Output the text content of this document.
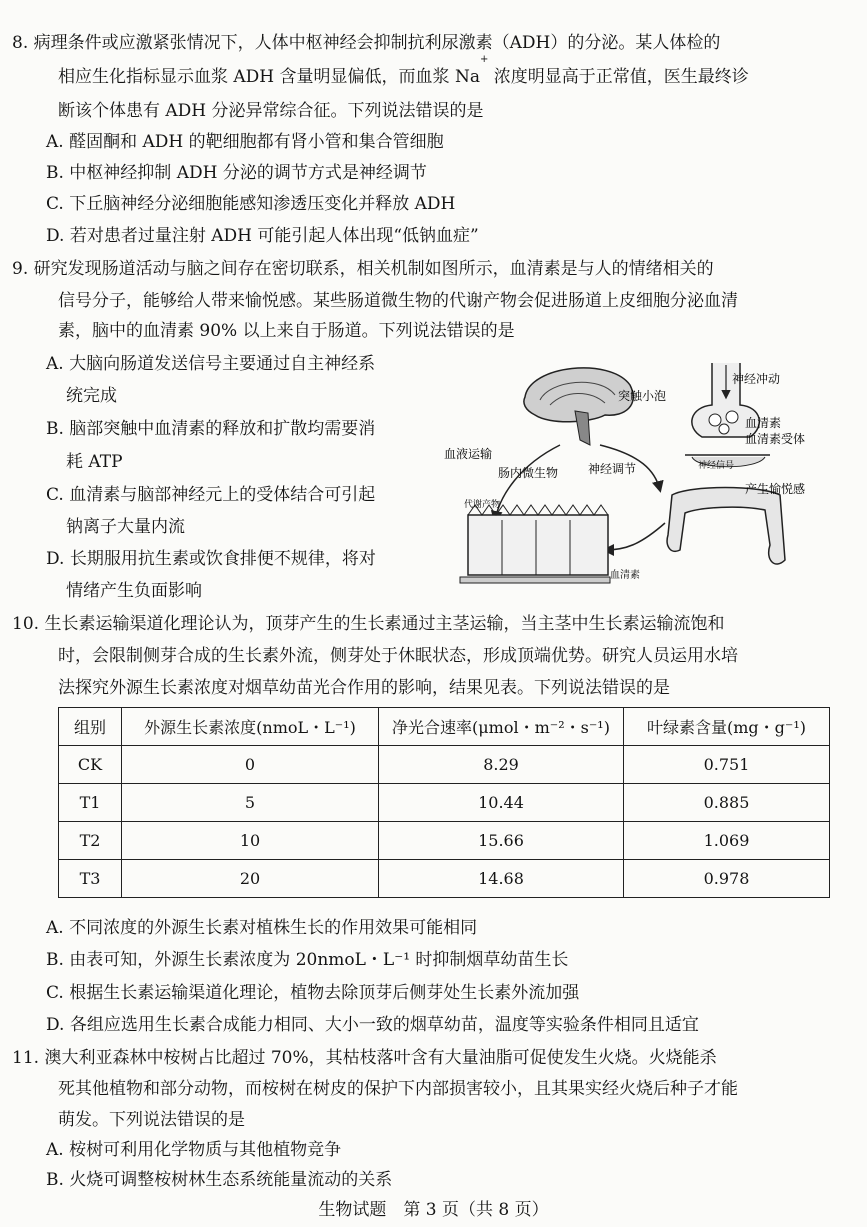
8. 病理条件或应激紧张情况下，人体中枢神经会抑制抗利尿激素（ADH）的分泌。某人体检的
相应生化指标显示血浆 ADH 含量明显偏低，而血浆 Na+ 浓度明显高于正常值，医生最终诊
断该个体患有 ADH 分泌异常综合征。下列说法错误的是
A. 醛固酮和 ADH 的靶细胞都有肾小管和集合管细胞
B. 中枢神经抑制 ADH 分泌的调节方式是神经调节
C. 下丘脑神经分泌细胞能感知渗透压变化并释放 ADH
D. 若对患者过量注射 ADH 可能引起人体出现“低钠血症”
9. 研究发现肠道活动与脑之间存在密切联系，相关机制如图所示，血清素是与人的情绪相关的
信号分子，能够给人带来愉悦感。某些肠道微生物的代谢产物会促进肠道上皮细胞分泌血清
素，脑中的血清素 90% 以上来自于肠道。下列说法错误的是
A. 大脑向肠道发送信号主要通过自主神经系
统完成
B. 脑部突触中血清素的释放和扩散均需要消
耗 ATP
C. 血清素与脑部神经元上的受体结合可引起
钠离子大量内流
D. 长期服用抗生素或饮食排便不规律，将对
情绪产生负面影响
突触小泡
神经冲动
血清素
血清素受体
神经信号
产生愉悦感
血液运输
肠内微生物 神经调节
代谢产物
血清素
10. 生长素运输渠道化理论认为，顶芽产生的生长素通过主茎运输，当主茎中生长素运输流饱和
时，会限制侧芽合成的生长素外流，侧芽处于休眠状态，形成顶端优势。研究人员运用水培
法探究外源生长素浓度对烟草幼苗光合作用的影响，结果见表。下列说法错误的是
组别	外源生长素浓度(nmoL・L⁻¹)	净光合速率(μmol・m⁻²・s⁻¹)	叶绿素含量(mg・g⁻¹)
CK	0	8.29	0.751
T1	5	10.44	0.885
T2	10	15.66	1.069
T3	20	14.68	0.978
A. 不同浓度的外源生长素对植株生长的作用效果可能相同
B. 由表可知，外源生长素浓度为 20nmoL・L⁻¹ 时抑制烟草幼苗生长
C. 根据生长素运输渠道化理论，植物去除顶芽后侧芽处生长素外流加强
D. 各组应选用生长素合成能力相同、大小一致的烟草幼苗，温度等实验条件相同且适宜
11. 澳大利亚森林中桉树占比超过 70%，其枯枝落叶含有大量油脂可促使发生火烧。火烧能杀
死其他植物和部分动物，而桉树在树皮的保护下内部损害较小，且其果实经火烧后种子才能
萌发。下列说法错误的是
A. 桉树可利用化学物质与其他植物竞争
B. 火烧可调整桉树林生态系统能量流动的关系
生物试题　第 3 页（共 8 页）
